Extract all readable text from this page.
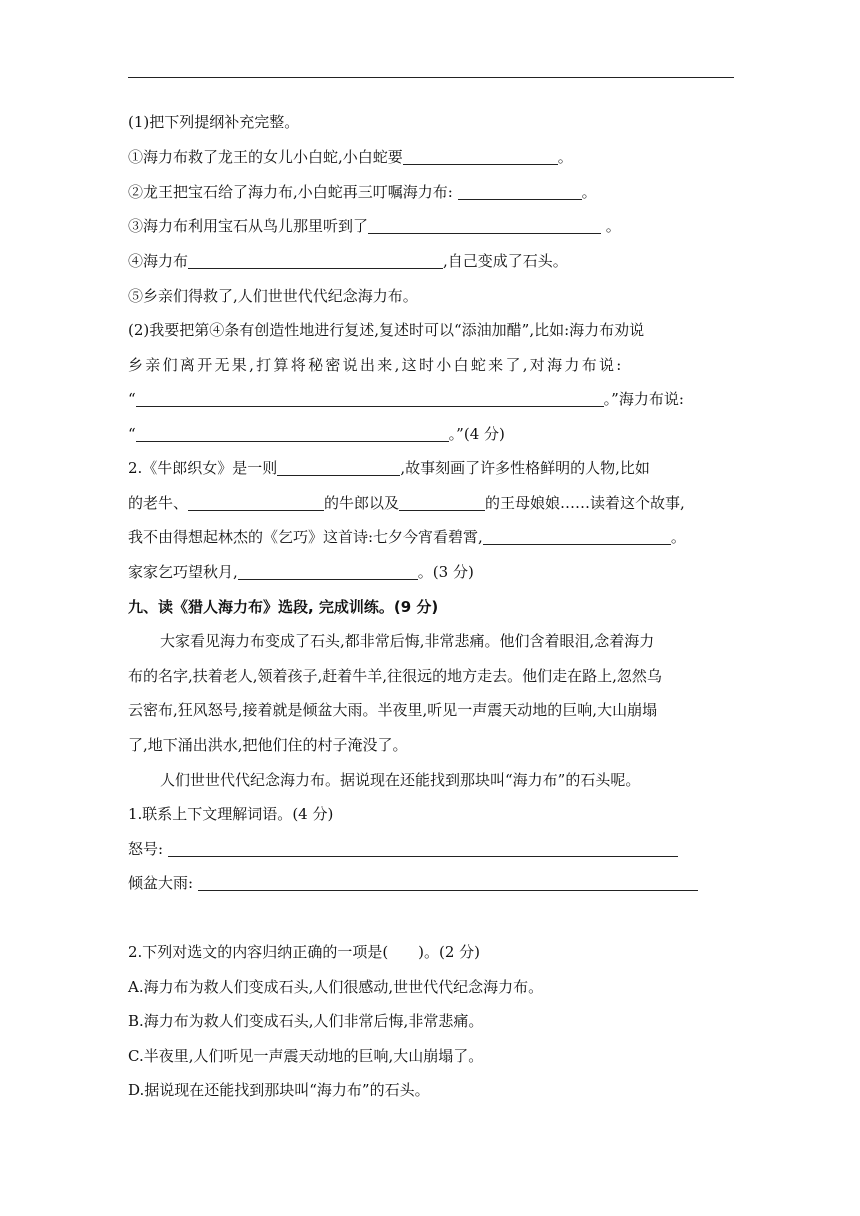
(1)把下列提纲补充完整。
①海力布救了龙王的女儿小白蛇,小白蛇要	。
②龙王把宝石给了海力布,小白蛇再三叮嘱海力布:	。
③海力布利用宝石从鸟儿那里听到了	。
④海力布	,自己变成了石头。
⑤乡亲们得救了,人们世世代代纪念海力布。
(2)我要把第④条有创造性地进行复述,复述时可以“添油加醋”,比如:海力布劝说
乡亲们离开无果,打算将秘密说出来,这时小白蛇来了,对海力布说:
“	。”海力布说:
“	。”(4 分)
2.《牛郎织女》是一则	,故事刻画了许多性格鲜明的人物,比如
的老牛、	的牛郎以及	的王母娘娘……读着这个故事,
我不由得想起林杰的《乞巧》这首诗:七夕今宵看碧霄,	。
家家乞巧望秋月,	。(3 分)
九、读《猎人海力布》选段, 完成训练。(9 分)
大家看见海力布变成了石头,都非常后悔,非常悲痛。他们含着眼泪,念着海力
布的名字,扶着老人,领着孩子,赶着牛羊,往很远的地方走去。他们走在路上,忽然乌
云密布,狂风怒号,接着就是倾盆大雨。半夜里,听见一声震天动地的巨响,大山崩塌
了,地下涌出洪水,把他们住的村子淹没了。
人们世世代代纪念海力布。据说现在还能找到那块叫“海力布”的石头呢。
1.联系上下文理解词语。(4 分)
怒号:
倾盆大雨:
2.下列对选文的内容归纳正确的一项是(　　)。(2 分)
A.海力布为救人们变成石头,人们很感动,世世代代纪念海力布。
B.海力布为救人们变成石头,人们非常后悔,非常悲痛。
C.半夜里,人们听见一声震天动地的巨响,大山崩塌了。
D.据说现在还能找到那块叫“海力布”的石头。
